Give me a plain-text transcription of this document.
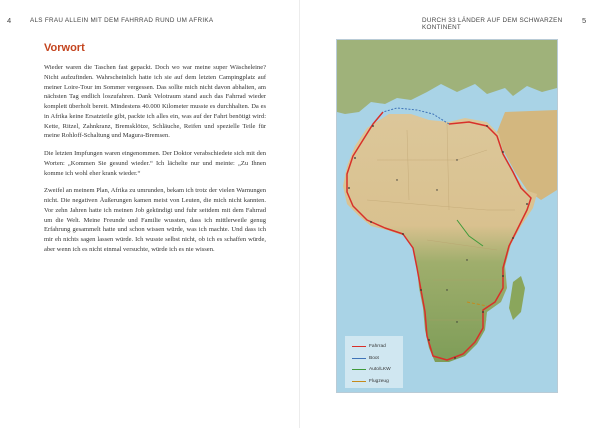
4	ALS FRAU ALLEIN MIT DEM FAHRRAD RUND UM AFRIKA
Vorwort

Wieder waren die Taschen fast gepackt. Doch wo war meine super Wäscheleine? Nicht aufzufinden. Wahrscheinlich hatte ich sie auf dem letzten Campingplatz auf meiner Loire-Tour im Sommer vergessen. Das sollte mich nicht davon abhalten, am nächsten Tag endlich loszufahren. Dank Velotraum stand auch das Fahrrad wieder komplett überholt bereit. Mindestens 40.000 Kilometer musste es durchhalten. Da es in Afrika keine Ersatzteile gibt, packte ich alles ein, was auf der Fahrt benötigt wird: Kette, Ritzel, Zahnkranz, Bremsklötze, Schläuche, Reifen und spezielle Teile für meine Rohloff-Schaltung und Magura-Bremsen.

Die letzten Impfungen waren eingenommen. Der Doktor verabschiedete sich mit den Worten: „Kommen Sie gesund wieder.“ Ich lächelte nur und meinte: „Zu Ihnen komme ich wohl eher krank wieder.“

Zweifel an meinem Plan, Afrika zu umrunden, bekam ich trotz der vielen Warnungen nicht. Die negativen Äußerungen kamen meist von Leuten, die mich nicht kannten. Vor zehn Jahren hatte ich meinen Job gekündigt und fuhr seitdem mit dem Fahrrad um die Welt. Meine Freunde und Familie wussten, dass ich mittlerweile genug Erfahrung gesammelt hatte und schon wissen würde, was ich machte. Und dass ich mir eh nichts sagen lassen würde. Ich wusste selbst nicht, ob ich es schaffen würde, aber wenn ich es nicht einmal versuchte, würde ich es nie wissen.

DURCH 33 LÄNDER AUF DEM SCHWARZEN KONTINENT
5
Fahrrad
Boot
Auto/LKW
Flugzeug
